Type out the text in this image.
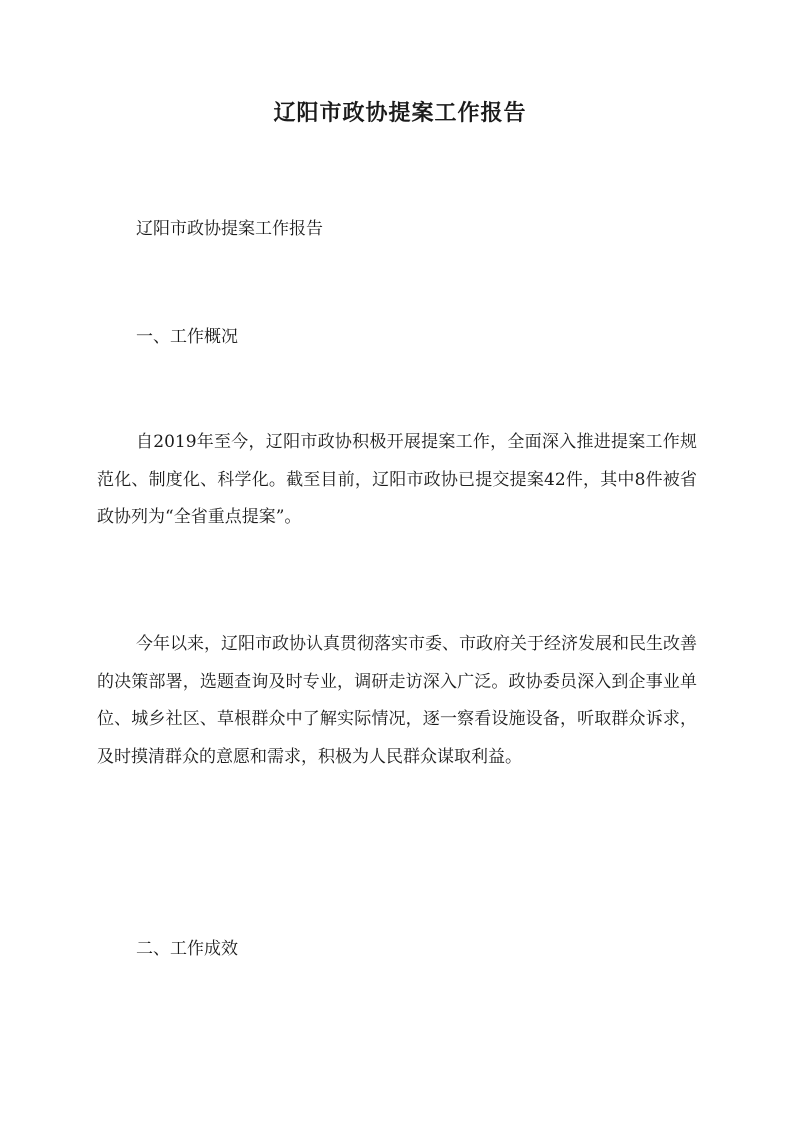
辽阳市政协提案工作报告
辽阳市政协提案工作报告
一、工作概况
自2019年至今，辽阳市政协积极开展提案工作，全面深入推进提案工作规范化、制度化、科学化。截至目前，辽阳市政协已提交提案42件，其中8件被省政协列为“全省重点提案”。
今年以来，辽阳市政协认真贯彻落实市委、市政府关于经济发展和民生改善的决策部署，选题查询及时专业，调研走访深入广泛。政协委员深入到企事业单位、城乡社区、草根群众中了解实际情况，逐一察看设施设备，听取群众诉求，及时摸清群众的意愿和需求，积极为人民群众谋取利益。
二、工作成效
